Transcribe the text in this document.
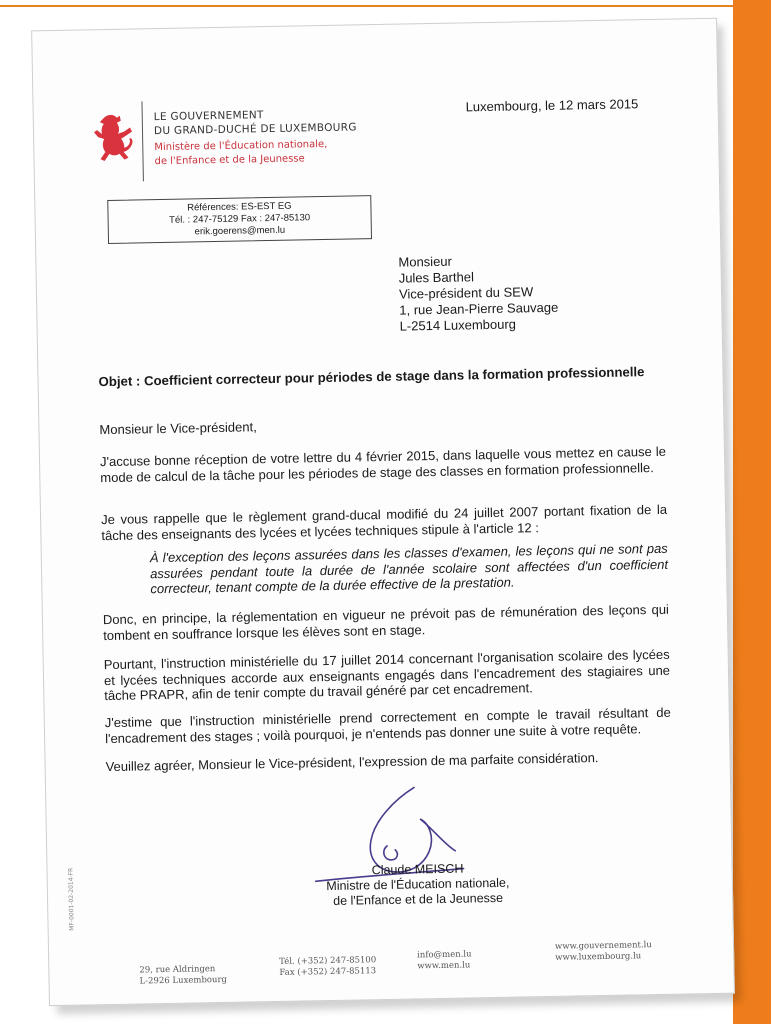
LE GOUVERNEMENT
DU GRAND-DUCHÉ DE LUXEMBOURG
Ministère de l'Éducation nationale,
de l'Enfance et de la Jeunesse
Luxembourg, le 12 mars 2015
Références: ES-EST EG
Tél. : 247-75129 Fax : 247-85130
erik.goerens@men.lu
Monsieur
Jules Barthel
Vice-président du SEW
1, rue Jean-Pierre Sauvage
L-2514 Luxembourg
Objet : Coefficient correcteur pour périodes de stage dans la formation professionnelle
Monsieur le Vice-président,
J'accuse bonne réception de votre lettre du 4 février 2015, dans laquelle vous mettez en cause le mode de calcul de la tâche pour les périodes de stage des classes en formation professionnelle.
Je vous rappelle que le règlement grand-ducal modifié du 24 juillet 2007 portant fixation de la tâche des enseignants des lycées et lycées techniques stipule à l'article 12 :
À l'exception des leçons assurées dans les classes d'examen, les leçons qui ne sont pas assurées pendant toute la durée de l'année scolaire sont affectées d'un coefficient correcteur, tenant compte de la durée effective de la prestation.
Donc, en principe, la réglementation en vigueur ne prévoit pas de rémunération des leçons qui tombent en souffrance lorsque les élèves sont en stage.
Pourtant, l'instruction ministérielle du 17 juillet 2014 concernant l'organisation scolaire des lycées et lycées techniques accorde aux enseignants engagés dans l'encadrement des stagiaires une tâche PRAPR, afin de tenir compte du travail généré par cet encadrement.
J'estime que l'instruction ministérielle prend correctement en compte le travail résultant de l'encadrement des stages ; voilà pourquoi, je n'entends pas donner une suite à votre requête.
Veuillez agréer, Monsieur le Vice-président, l'expression de ma parfaite considération.
Claude MEISCH
Ministre de l'Éducation nationale,
de l'Enfance et de la Jeunesse
MF-0001-02-2014-FR
29, rue Aldringen
L-2926 Luxembourg
Tél. (+352) 247-85100
Fax (+352) 247-85113
info@men.lu
www.men.lu
www.gouvernement.lu
www.luxembourg.lu
